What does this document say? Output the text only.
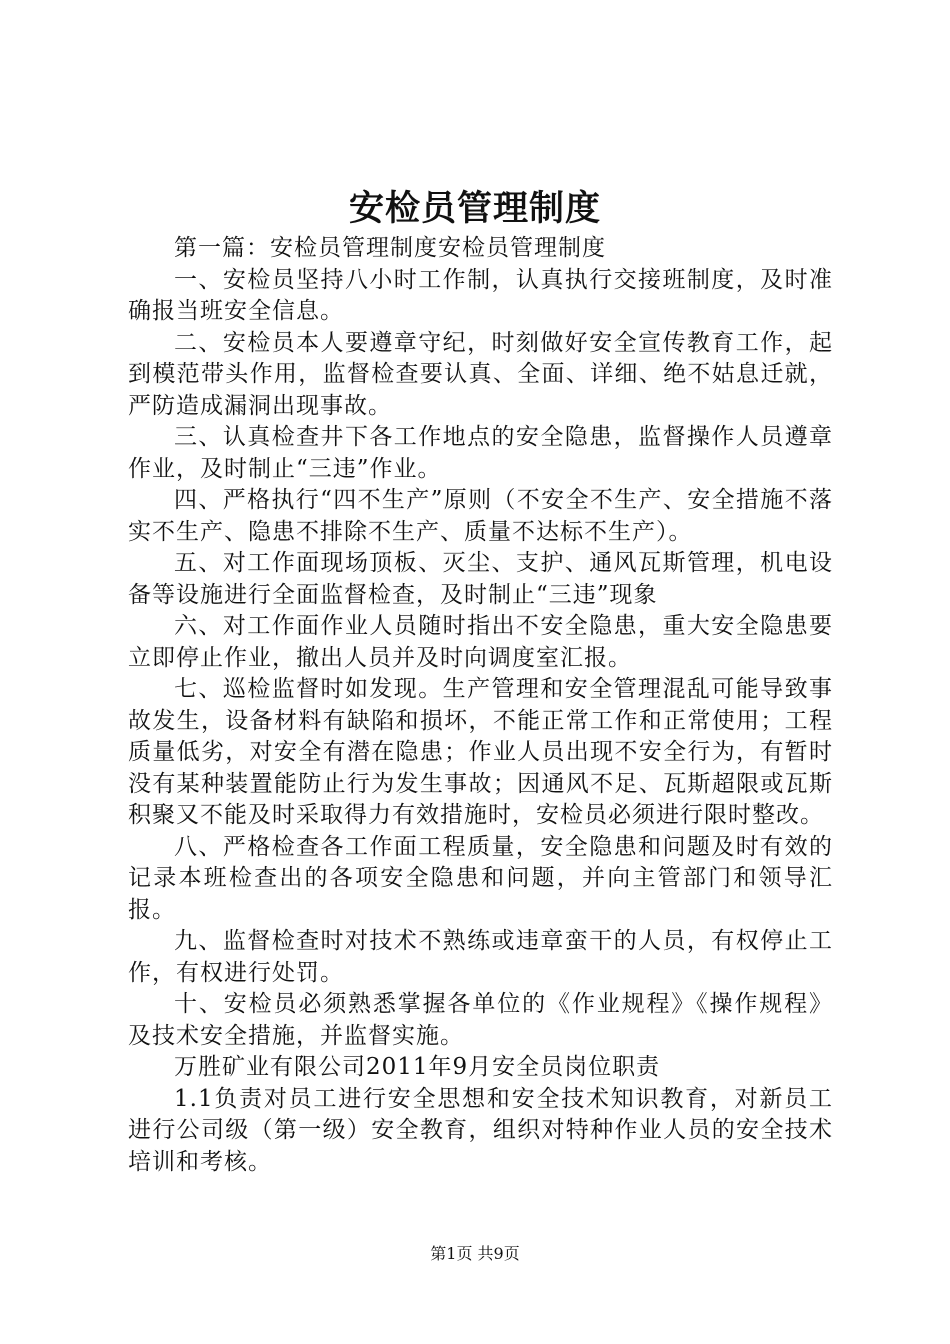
安检员管理制度

第一篇：安检员管理制度安检员管理制度

一、安检员坚持八小时工作制，认真执行交接班制度，及时准确报当班安全信息。

二、安检员本人要遵章守纪，时刻做好安全宣传教育工作，起到模范带头作用，监督检查要认真、全面、详细、绝不姑息迁就，严防造成漏洞出现事故。

三、认真检查井下各工作地点的安全隐患，监督操作人员遵章作业，及时制止“三违”作业。

四、严格执行“四不生产”原则（不安全不生产、安全措施不落实不生产、隐患不排除不生产、质量不达标不生产）。

五、对工作面现场顶板、灭尘、支护、通风瓦斯管理，机电设备等设施进行全面监督检查，及时制止“三违”现象

六、对工作面作业人员随时指出不安全隐患，重大安全隐患要立即停止作业，撤出人员并及时向调度室汇报。

七、巡检监督时如发现。生产管理和安全管理混乱可能导致事故发生，设备材料有缺陷和损坏，不能正常工作和正常使用；工程质量低劣，对安全有潜在隐患；作业人员出现不安全行为，有暂时没有某种装置能防止行为发生事故；因通风不足、瓦斯超限或瓦斯积聚又不能及时采取得力有效措施时，安检员必须进行限时整改。

八、严格检查各工作面工程质量，安全隐患和问题及时有效的记录本班检查出的各项安全隐患和问题，并向主管部门和领导汇报。

九、监督检查时对技术不熟练或违章蛮干的人员，有权停止工作，有权进行处罚。

十、安检员必须熟悉掌握各单位的《作业规程》《操作规程》及技术安全措施，并监督实施。

万胜矿业有限公司2011年9月安全员岗位职责

1.1负责对员工进行安全思想和安全技术知识教育，对新员工进行公司级（第一级）安全教育，组织对特种作业人员的安全技术培训和考核。

第1页 共9页
